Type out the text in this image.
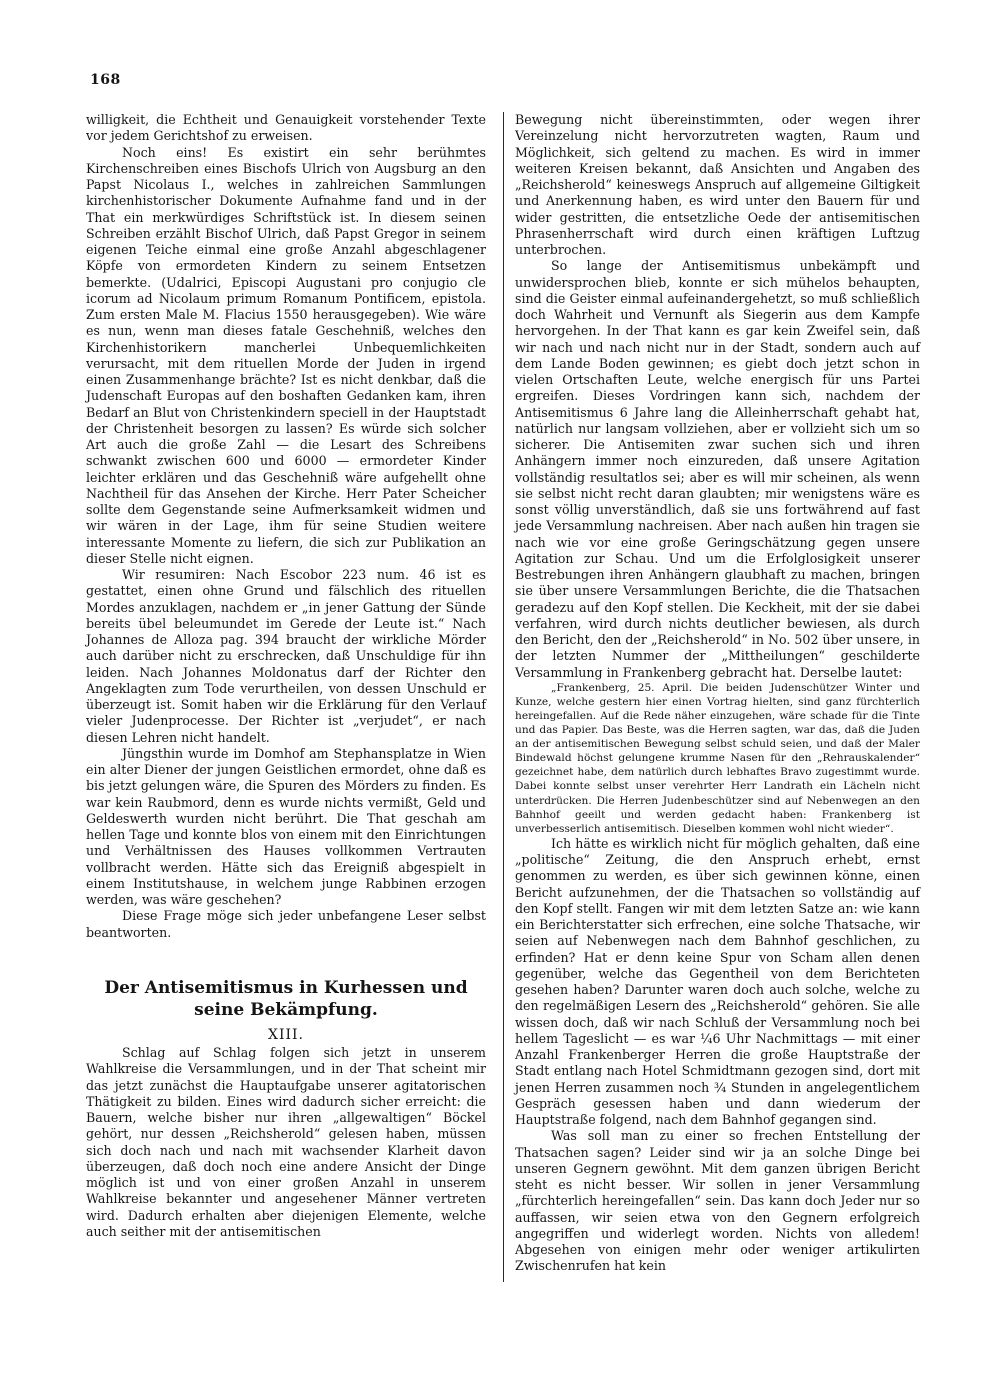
168

willigkeit, die Echtheit und Genauigkeit vorstehender Texte vor jedem Gerichtshof zu erweisen.

Noch eins! Es existirt ein sehr berühmtes Kirchenschreiben eines Bischofs Ulrich von Augsburg an den Papst Nicolaus I., welches in zahlreichen Sammlungen kirchenhistorischer Dokumente Aufnahme fand und in der That ein merkwürdiges Schriftstück ist. In diesem seinen Schreiben erzählt Bischof Ulrich, daß Papst Gregor in seinem eigenen Teiche einmal eine große Anzahl abgeschlagener Köpfe von ermordeten Kindern zu seinem Entsetzen bemerkte. (Udalrici, Episcopi Augustani pro conjugio cle icorum ad Nicolaum primum Romanum Pontificem, epistola. Zum ersten Male M. Flacius 1550 herausgegeben). Wie wäre es nun, wenn man dieses fatale Geschehniß, welches den Kirchenhistorikern mancherlei Unbequemlichkeiten verursacht, mit dem rituellen Morde der Juden in irgend einen Zusammenhange brächte? Ist es nicht denkbar, daß die Judenschaft Europas auf den boshaften Gedanken kam, ihren Bedarf an Blut von Christenkindern speciell in der Hauptstadt der Christenheit besorgen zu lassen? Es würde sich solcher Art auch die große Zahl — die Lesart des Schreibens schwankt zwischen 600 und 6000 — ermordeter Kinder leichter erklären und das Geschehniß wäre aufgehellt ohne Nachtheil für das Ansehen der Kirche. Herr Pater Scheicher sollte dem Gegenstande seine Aufmerksamkeit widmen und wir wären in der Lage, ihm für seine Studien weitere interessante Momente zu liefern, die sich zur Publikation an dieser Stelle nicht eignen.

Wir resumiren: Nach Escobor 223 num. 46 ist es gestattet, einen ohne Grund und fälschlich des rituellen Mordes anzuklagen, nachdem er „in jener Gattung der Sünde bereits übel beleumundet im Gerede der Leute ist.“ Nach Johannes de Alloza pag. 394 braucht der wirkliche Mörder auch darüber nicht zu erschrecken, daß Unschuldige für ihn leiden. Nach Johannes Moldonatus darf der Richter den Angeklagten zum Tode verurtheilen, von dessen Unschuld er überzeugt ist. Somit haben wir die Erklärung für den Verlauf vieler Judenprocesse. Der Richter ist „verjudet“, er nach diesen Lehren nicht handelt.

Jüngsthin wurde im Domhof am Stephansplatze in Wien ein alter Diener der jungen Geistlichen ermordet, ohne daß es bis jetzt gelungen wäre, die Spuren des Mörders zu finden. Es war kein Raubmord, denn es wurde nichts vermißt, Geld und Geldeswerth wurden nicht berührt. Die That geschah am hellen Tage und konnte blos von einem mit den Einrichtungen und Verhältnissen des Hauses vollkommen Vertrauten vollbracht werden. Hätte sich das Ereigniß abgespielt in einem Institutshause, in welchem junge Rabbinen erzogen werden, was wäre geschehen?

Diese Frage möge sich jeder unbefangene Leser selbst beantworten.

Der Antisemitismus in Kurhessen und seine Bekämpfung.
XIII.

Schlag auf Schlag folgen sich jetzt in unserem Wahlkreise die Versammlungen, und in der That scheint mir das jetzt zunächst die Hauptaufgabe unserer agitatorischen Thätigkeit zu bilden. Eines wird dadurch sicher erreicht: die Bauern, welche bisher nur ihren „allgewaltigen“ Böckel gehört, nur dessen „Reichsherold“ gelesen haben, müssen sich doch nach und nach mit wachsender Klarheit davon überzeugen, daß doch noch eine andere Ansicht der Dinge möglich ist und von einer großen Anzahl in unserem Wahlkreise bekannter und angesehener Männer vertreten wird. Dadurch erhalten aber diejenigen Elemente, welche auch seither mit der antisemitischen

Bewegung nicht übereinstimmten, oder wegen ihrer Vereinzelung nicht hervorzutreten wagten, Raum und Möglichkeit, sich geltend zu machen. Es wird in immer weiteren Kreisen bekannt, daß Ansichten und Angaben des „Reichsherold“ keineswegs Anspruch auf allgemeine Giltigkeit und Anerkennung haben, es wird unter den Bauern für und wider gestritten, die entsetzliche Oede der antisemitischen Phrasenherrschaft wird durch einen kräftigen Luftzug unterbrochen.

So lange der Antisemitismus unbekämpft und unwidersprochen blieb, konnte er sich mühelos behaupten, sind die Geister einmal aufeinandergehetzt, so muß schließlich doch Wahrheit und Vernunft als Siegerin aus dem Kampfe hervorgehen. In der That kann es gar kein Zweifel sein, daß wir nach und nach nicht nur in der Stadt, sondern auch auf dem Lande Boden gewinnen; es giebt doch jetzt schon in vielen Ortschaften Leute, welche energisch für uns Partei ergreifen. Dieses Vordringen kann sich, nachdem der Antisemitismus 6 Jahre lang die Alleinherrschaft gehabt hat, natürlich nur langsam vollziehen, aber er vollzieht sich um so sicherer. Die Antisemiten zwar suchen sich und ihren Anhängern immer noch einzureden, daß unsere Agitation vollständig resultatlos sei; aber es will mir scheinen, als wenn sie selbst nicht recht daran glaubten; mir wenigstens wäre es sonst völlig unverständlich, daß sie uns fortwährend auf fast jede Versammlung nachreisen. Aber nach außen hin tragen sie nach wie vor eine große Geringschätzung gegen unsere Agitation zur Schau. Und um die Erfolglosigkeit unserer Bestrebungen ihren Anhängern glaubhaft zu machen, bringen sie über unsere Versammlungen Berichte, die die Thatsachen geradezu auf den Kopf stellen. Die Keckheit, mit der sie dabei verfahren, wird durch nichts deutlicher bewiesen, als durch den Bericht, den der „Reichsherold“ in No. 502 über unsere, in der letzten Nummer der „Mittheilungen“ geschilderte Versammlung in Frankenberg gebracht hat. Derselbe lautet:

„Frankenberg, 25. April. Die beiden Judenschützer Winter und Kunze, welche gestern hier einen Vortrag hielten, sind ganz fürchterlich hereingefallen. Auf die Rede näher einzugehen, wäre schade für die Tinte und das Papier. Das Beste, was die Herren sagten, war das, daß die Juden an der antisemitischen Bewegung selbst schuld seien, und daß der Maler Bindewald höchst gelungene krumme Nasen für den „Rehrauskalender“ gezeichnet habe, dem natürlich durch lebhaftes Bravo zugestimmt wurde. Dabei konnte selbst unser verehrter Herr Landrath ein Lächeln nicht unterdrücken. Die Herren Judenbeschützer sind auf Nebenwegen an den Bahnhof geeilt und werden gedacht haben: Frankenberg ist unverbesserlich antisemitisch. Dieselben kommen wohl nicht wieder“.

Ich hätte es wirklich nicht für möglich gehalten, daß eine „politische“ Zeitung, die den Anspruch erhebt, ernst genommen zu werden, es über sich gewinnen könne, einen Bericht aufzunehmen, der die Thatsachen so vollständig auf den Kopf stellt. Fangen wir mit dem letzten Satze an: wie kann ein Berichterstatter sich erfrechen, eine solche Thatsache, wir seien auf Nebenwegen nach dem Bahnhof geschlichen, zu erfinden? Hat er denn keine Spur von Scham allen denen gegenüber, welche das Gegentheil von dem Berichteten gesehen haben? Darunter waren doch auch solche, welche zu den regelmäßigen Lesern des „Reichsherold“ gehören. Sie alle wissen doch, daß wir nach Schluß der Versammlung noch bei hellem Tageslicht — es war ¼6 Uhr Nachmittags — mit einer Anzahl Frankenberger Herren die große Hauptstraße der Stadt entlang nach Hotel Schmidtmann gezogen sind, dort mit jenen Herren zusammen noch ¾ Stunden in angelegentlichem Gespräch gesessen haben und dann wiederum der Hauptstraße folgend, nach dem Bahnhof gegangen sind.

Was soll man zu einer so frechen Entstellung der Thatsachen sagen? Leider sind wir ja an solche Dinge bei unseren Gegnern gewöhnt. Mit dem ganzen übrigen Bericht steht es nicht besser. Wir sollen in jener Versammlung „fürchterlich hereingefallen“ sein. Das kann doch Jeder nur so auffassen, wir seien etwa von den Gegnern erfolgreich angegriffen und widerlegt worden. Nichts von alledem! Abgesehen von einigen mehr oder weniger artikulirten Zwischenrufen hat kein
